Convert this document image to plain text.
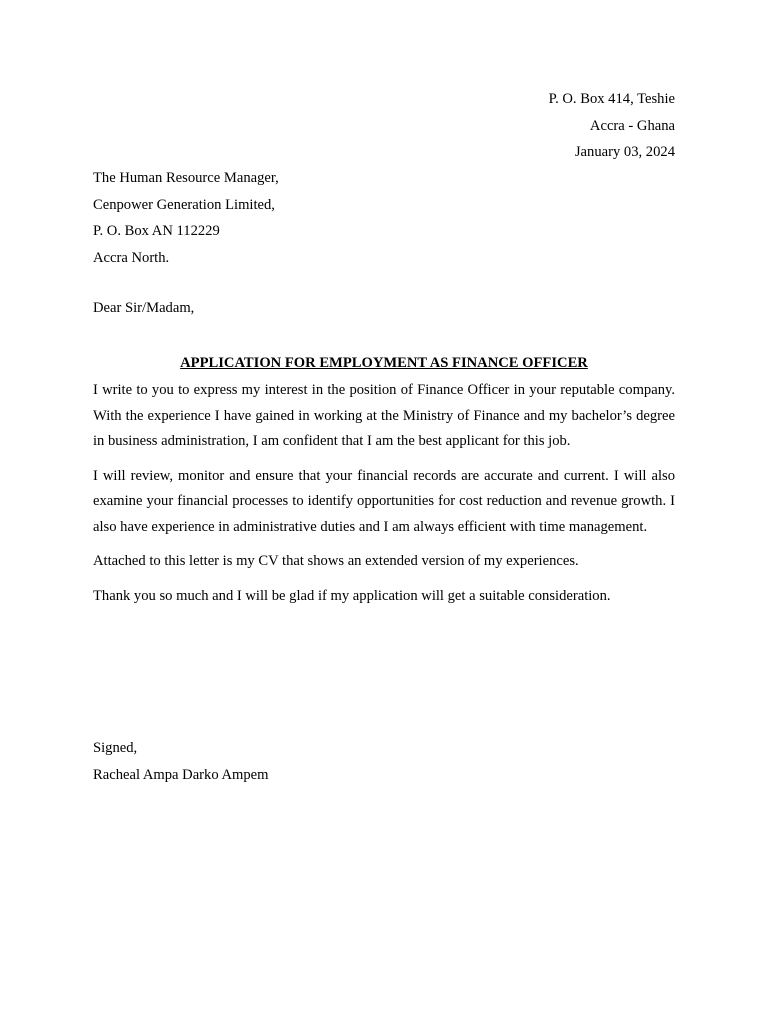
P. O. Box 414, Teshie
Accra - Ghana
January 03, 2024
The Human Resource Manager,
Cenpower Generation Limited,
P. O. Box AN 112229
Accra North.
Dear Sir/Madam,
APPLICATION FOR EMPLOYMENT AS FINANCE OFFICER

I write to you to express my interest in the position of Finance Officer in your reputable company. With the experience I have gained in working at the Ministry of Finance and my bachelor’s degree in business administration, I am confident that I am the best applicant for this job.

I will review, monitor and ensure that your financial records are accurate and current. I will also examine your financial processes to identify opportunities for cost reduction and revenue growth. I also have experience in administrative duties and I am always efficient with time management.

Attached to this letter is my CV that shows an extended version of my experiences.

Thank you so much and I will be glad if my application will get a suitable consideration.

Signed,
Racheal Ampa Darko Ampem
